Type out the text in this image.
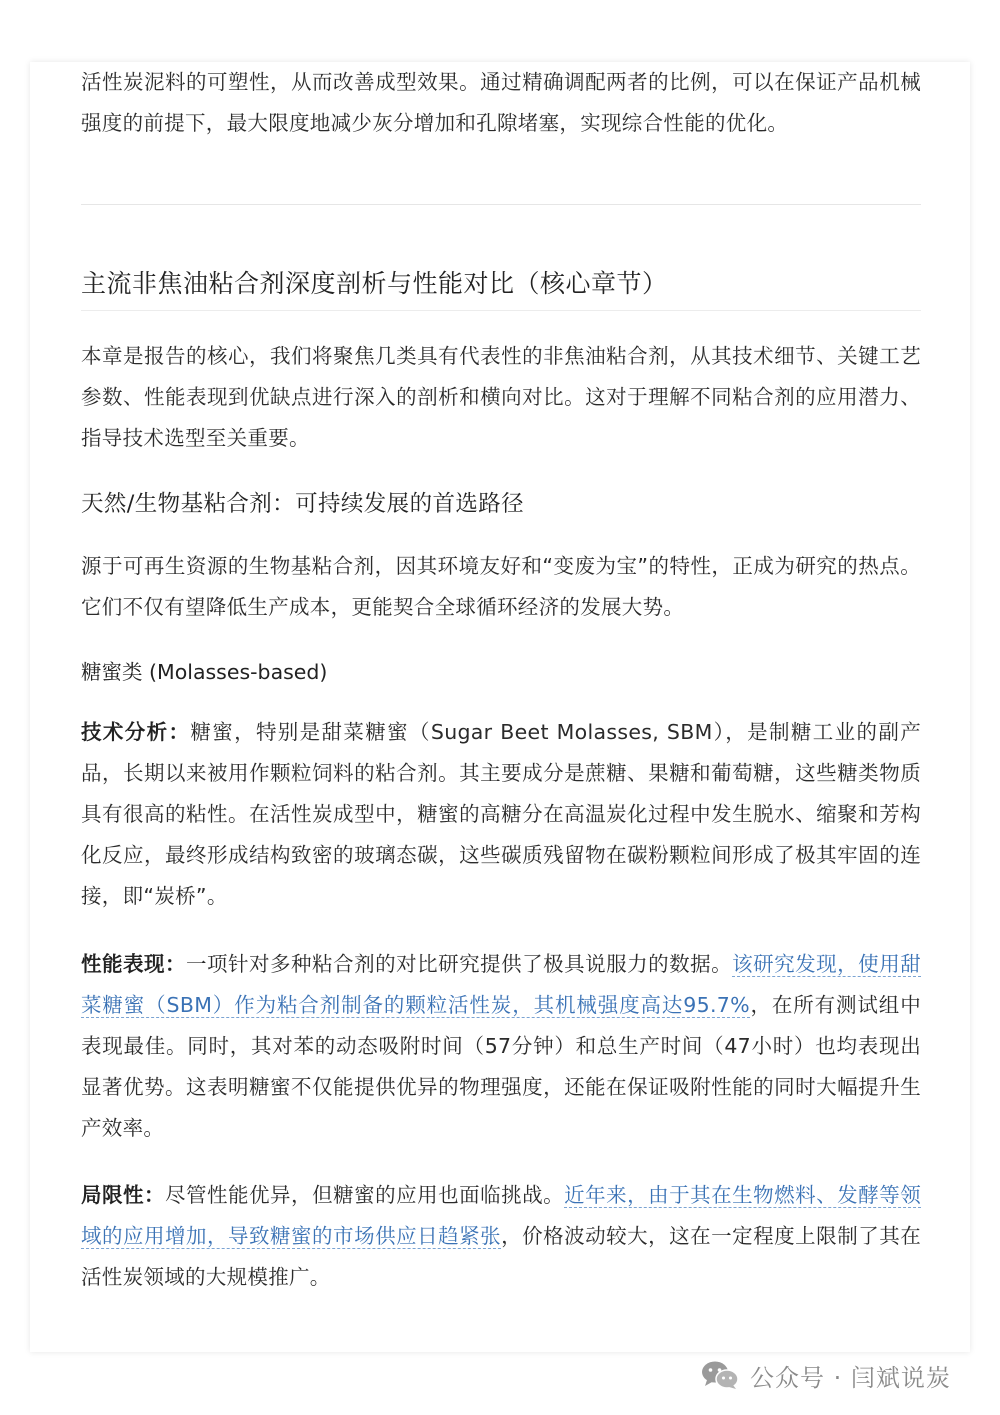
活性炭泥料的可塑性，从而改善成型效果。通过精确调配两者的比例，可以在保证产品机械强度的前提下，最大限度地减少灰分增加和孔隙堵塞，实现综合性能的优化。

主流非焦油粘合剂深度剖析与性能对比（核心章节）

本章是报告的核心，我们将聚焦几类具有代表性的非焦油粘合剂，从其技术细节、关键工艺参数、性能表现到优缺点进行深入的剖析和横向对比。这对于理解不同粘合剂的应用潜力、指导技术选型至关重要。

天然/生物基粘合剂：可持续发展的首选路径

源于可再生资源的生物基粘合剂，因其环境友好和“变废为宝”的特性，正成为研究的热点。它们不仅有望降低生产成本，更能契合全球循环经济的发展大势。

糖蜜类 (Molasses-based)

技术分析：糖蜜，特别是甜菜糖蜜（Sugar Beet Molasses, SBM），是制糖工业的副产品，长期以来被用作颗粒饲料的粘合剂。其主要成分是蔗糖、果糖和葡萄糖，这些糖类物质具有很高的粘性。在活性炭成型中，糖蜜的高糖分在高温炭化过程中发生脱水、缩聚和芳构化反应，最终形成结构致密的玻璃态碳，这些碳质残留物在碳粉颗粒间形成了极其牢固的连接，即“炭桥”。

性能表现：一项针对多种粘合剂的对比研究提供了极具说服力的数据。该研究发现，使用甜菜糖蜜（SBM）作为粘合剂制备的颗粒活性炭，其机械强度高达95.7%，在所有测试组中表现最佳。同时，其对苯的动态吸附时间（57分钟）和总生产时间（47小时）也均表现出显著优势。这表明糖蜜不仅能提供优异的物理强度，还能在保证吸附性能的同时大幅提升生产效率。

局限性：尽管性能优异，但糖蜜的应用也面临挑战。近年来，由于其在生物燃料、发酵等领域的应用增加，导致糖蜜的市场供应日趋紧张，价格波动较大，这在一定程度上限制了其在活性炭领域的大规模推广。

公众号 · 闫斌说炭
